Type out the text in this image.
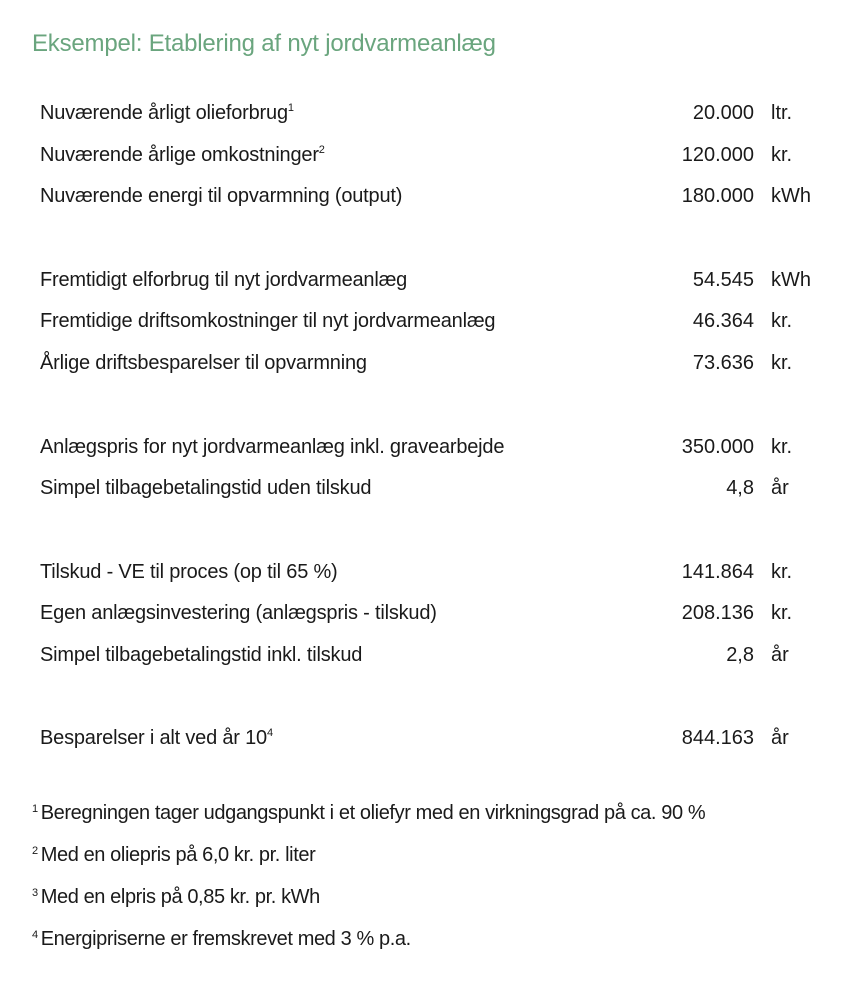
Eksempel: Etablering af nyt jordvarmeanlæg
Nuværende årligt olieforbrug$^1$	20.000 ltr.
Nuværende årlige omkostninger$^2$	120.000 kr.
Nuværende energi til opvarmning (output)	180.000 kWh
Fremtidigt elforbrug til nyt jordvarmeanlæg	54.545 kWh
Fremtidige driftsomkostninger til nyt jordvarmeanlæg	46.364 kr.
Årlige driftsbesparelser til opvarmning	73.636 kr.
Anlægspris for nyt jordvarmeanlæg inkl. gravearbejde	350.000 kr.
Simpel tilbagebetalingstid uden tilskud	4,8 år
Tilskud - VE til proces (op til 65 %)	141.864 kr.
Egen anlægsinvestering (anlægspris - tilskud)	208.136 kr.
Simpel tilbagebetalingstid inkl. tilskud	2,8 år
Besparelser i alt ved år $10^4$	844.163 år
$^1$ Beregningen tager udgangspunkt i et oliefyr med en virkningsgrad på ca. 90 %
$^2$ Med en oliepris på 6,0 kr. pr. liter
$^3$ Med en elpris på 0,85 kr. pr. kWh
$^4$ Energipriserne er fremskrevet med 3 % p.a.
